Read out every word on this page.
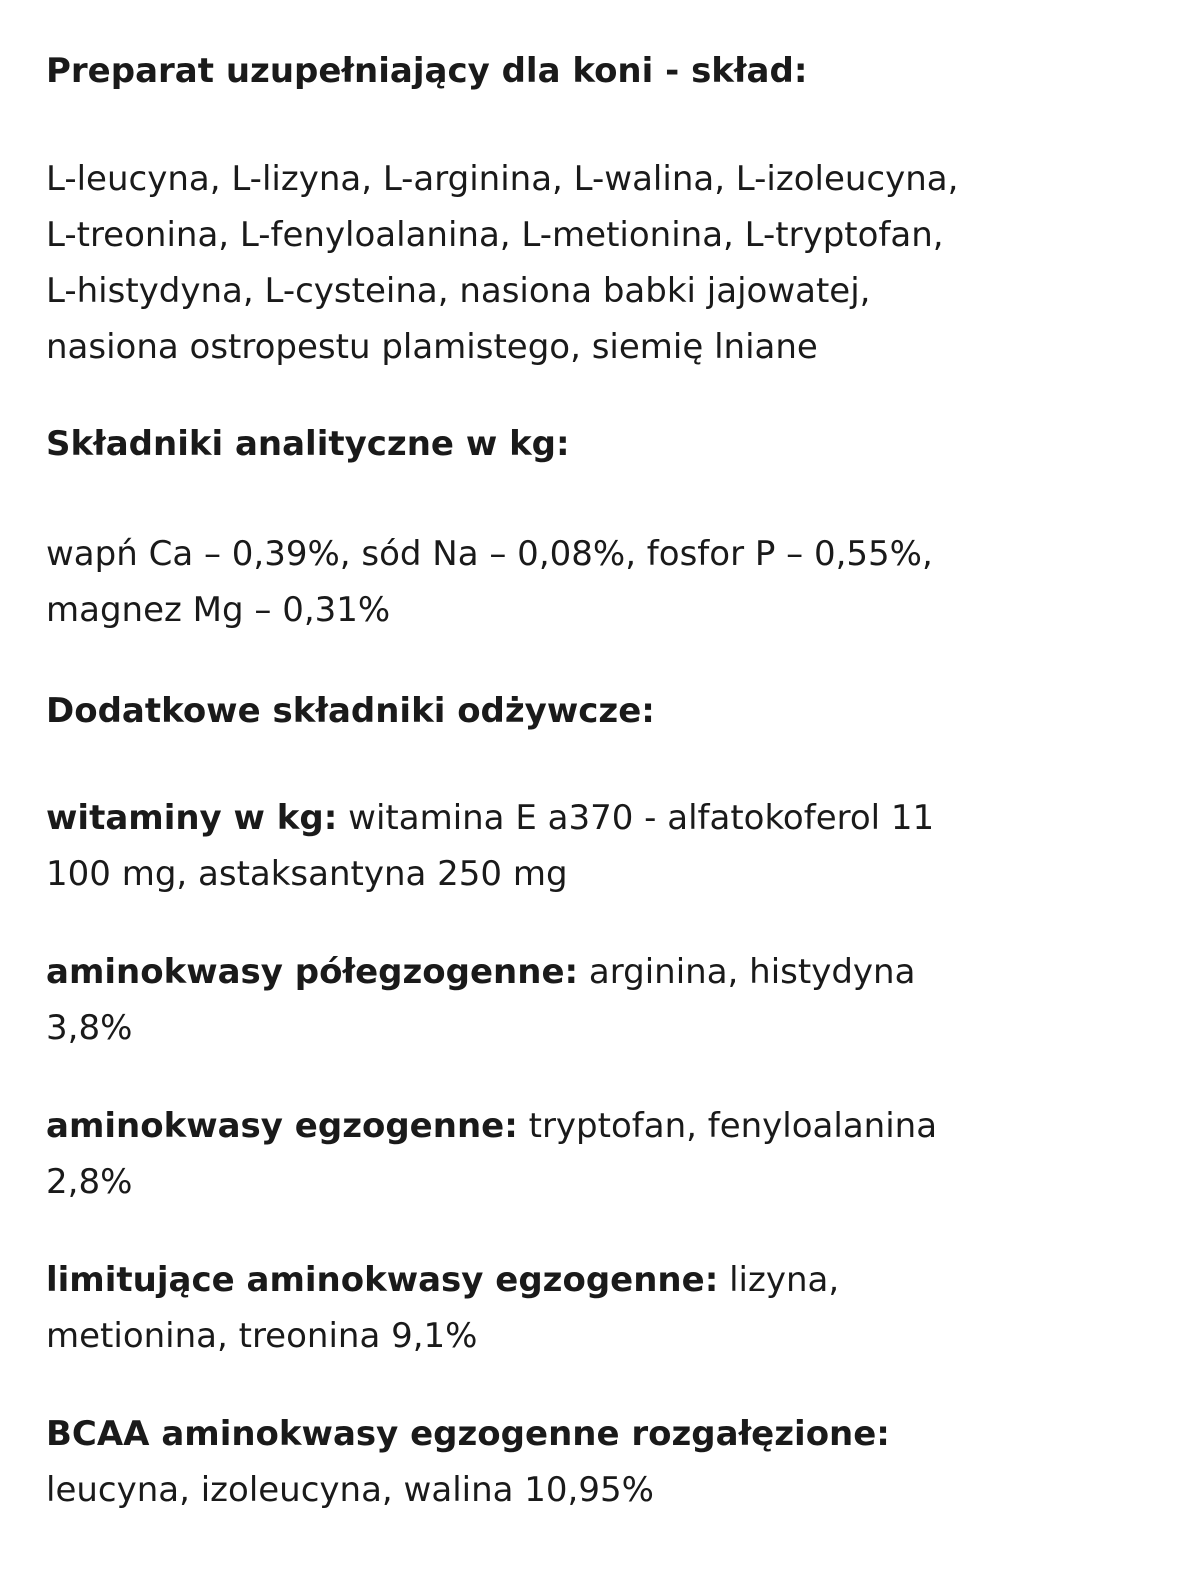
Preparat uzupełniający dla koni - skład:
L-leucyna, L-lizyna, L-arginina, L-walina, L-izoleucyna,
L-treonina, L-fenyloalanina, L-metionina, L-tryptofan,
L-histydyna, L-cysteina, nasiona babki jajowatej,
nasiona ostropestu plamistego, siemię lniane
Składniki analityczne w kg:
wapń Ca – 0,39%, sód Na – 0,08%, fosfor P – 0,55%,
magnez Mg – 0,31%
Dodatkowe składniki odżywcze:
witaminy w kg: witamina E a370 - alfatokoferol 11
100 mg, astaksantyna 250 mg
aminokwasy półegzogenne: arginina, histydyna
3,8%
aminokwasy egzogenne: tryptofan, fenyloalanina
2,8%
limitujące aminokwasy egzogenne: lizyna,
metionina, treonina 9,1%
BCAA aminokwasy egzogenne rozgałęzione:
leucyna, izoleucyna, walina 10,95%
